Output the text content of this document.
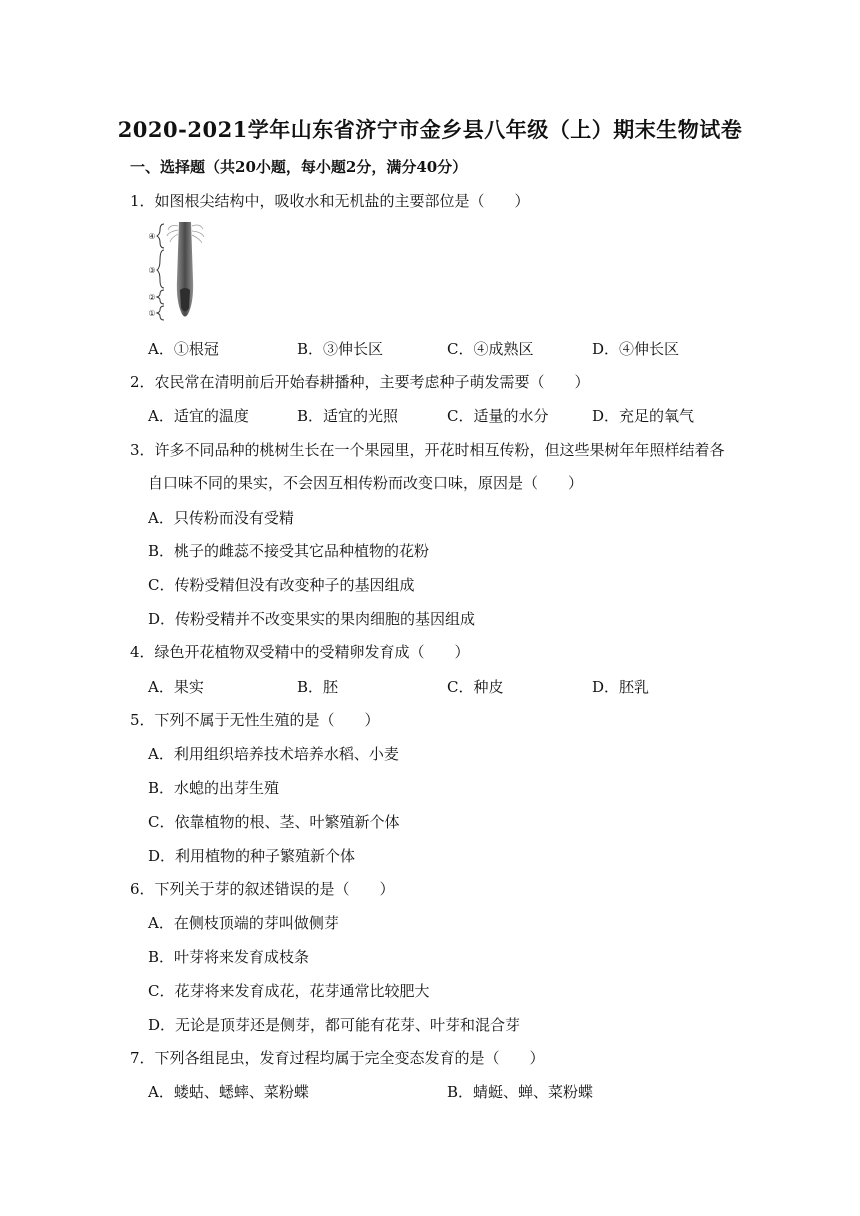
2020-2021学年山东省济宁市金乡县八年级（上）期末生物试卷
一、选择题（共20小题，每小题2分，满分40分）
1．如图根尖结构中，吸收水和无机盐的主要部位是（　　）
④
③
②
①
A．①根冠	B．③伸长区	C．④成熟区	D．④伸长区
2．农民常在清明前后开始春耕播种，主要考虑种子萌发需要（　　）
A．适宜的温度	B．适宜的光照	C．适量的水分	D．充足的氧气
3．许多不同品种的桃树生长在一个果园里，开花时相互传粉，但这些果树年年照样结着各
自口味不同的果实，不会因互相传粉而改变口味，原因是（　　）
A．只传粉而没有受精
B．桃子的雌蕊不接受其它品种植物的花粉
C．传粉受精但没有改变种子的基因组成
D．传粉受精并不改变果实的果肉细胞的基因组成
4．绿色开花植物双受精中的受精卵发育成（　　）
A．果实	B．胚	C．种皮	D．胚乳
5．下列不属于无性生殖的是（　　）
A．利用组织培养技术培养水稻、小麦
B．水螅的出芽生殖
C．依靠植物的根、茎、叶繁殖新个体
D．利用植物的种子繁殖新个体
6．下列关于芽的叙述错误的是（　　）
A．在侧枝顶端的芽叫做侧芽
B．叶芽将来发育成枝条
C．花芽将来发育成花，花芽通常比较肥大
D．无论是顶芽还是侧芽，都可能有花芽、叶芽和混合芽
7．下列各组昆虫，发育过程均属于完全变态发育的是（　　）
A．蝼蛄、蟋蟀、菜粉蝶	B．蜻蜓、蝉、菜粉蝶
